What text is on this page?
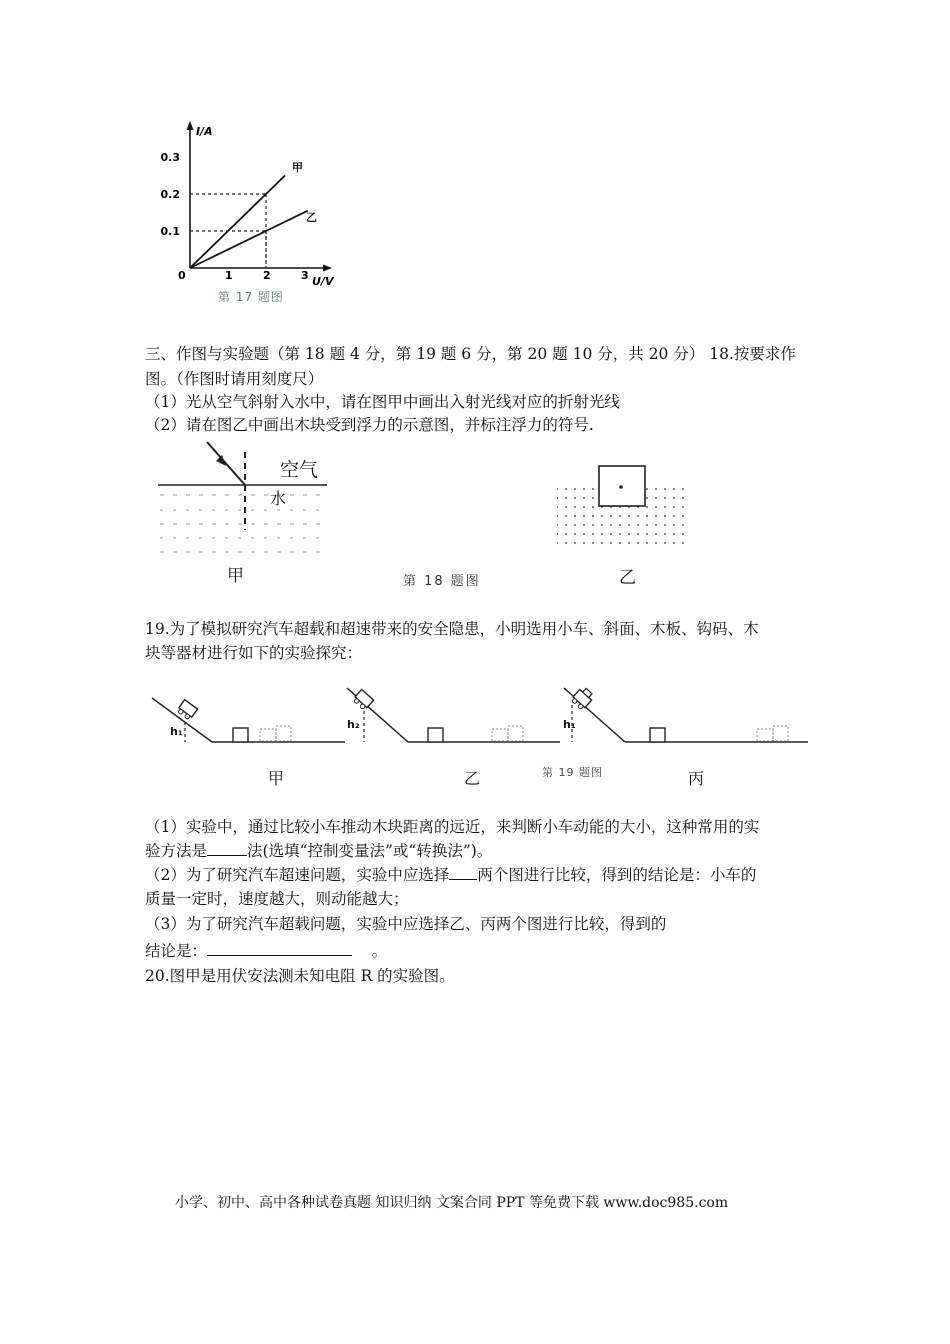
0	1	2	3
0.1
0.2
0.3
I/A
U/V
甲
乙
第 17 题图
三、作图与实验题（第 18 题 4 分，第 19 题 6 分，第 20 题 10 分，共 20 分） 18.按要求作
图。（作图时请用刻度尺）
（1）光从空气斜射入水中，请在图甲中画出入射光线对应的折射光线
（2）请在图乙中画出木块受到浮力的示意图，并标注浮力的符号.
空气
水
甲	第 18 题图	乙
19.为了模拟研究汽车超载和超速带来的安全隐患，小明选用小车、斜面、木板、钩码、木
块等器材进行如下的实验探究：
h₁
h₂	h₁
甲	乙	第 19 题图	丙
（1）实验中，通过比较小车推动木块距离的远近，来判断小车动能的大小，这种常用的实
验方法是	法(选填“控制变量法”或“转换法”)。
（2）为了研究汽车超速问题，实验中应选择 两个图进行比较，得到的结论是：小车的
质量一定时，速度越大，则动能越大；
（3）为了研究汽车超载问题，实验中应选择乙、丙两个图进行比较，得到的
结论是：	。
20.图甲是用伏安法测未知电阻 R 的实验图。
小学、初中、高中各种试卷真题 知识归纳 文案合同 PPT 等免费下载 www.doc985.com
